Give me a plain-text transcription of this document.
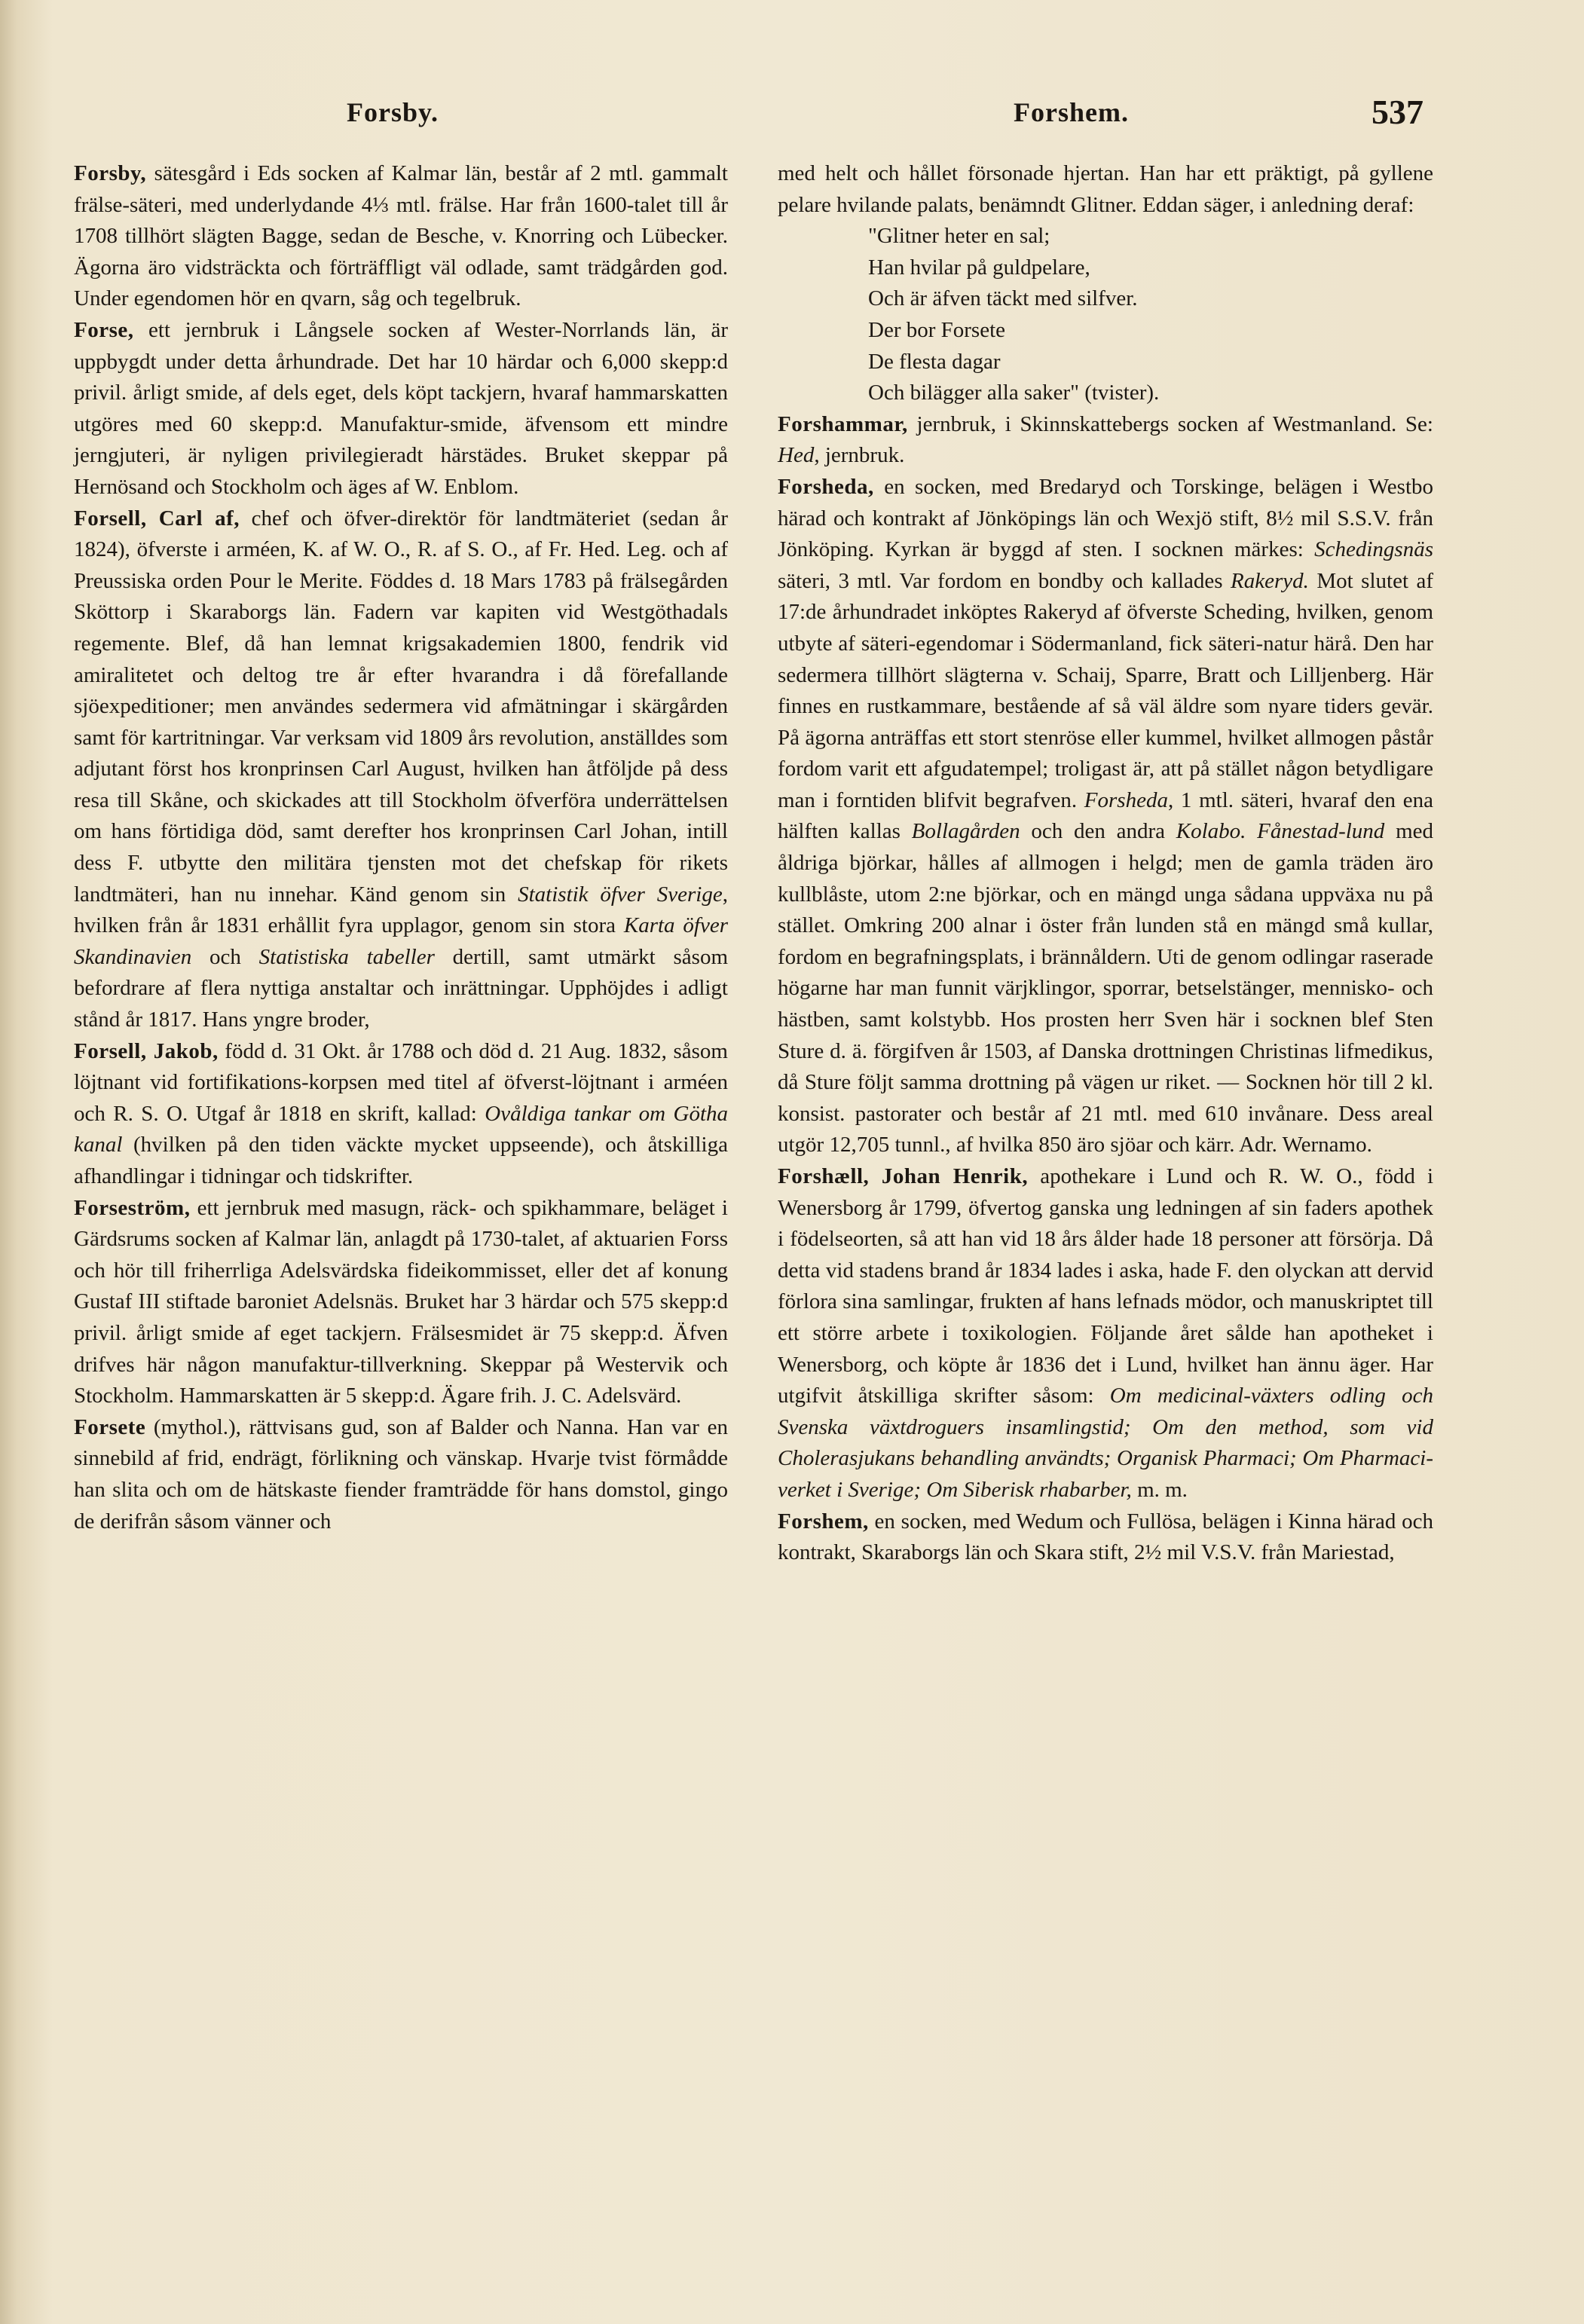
Forsby.	Forshem.	537

Forsby, sätesgård i Eds socken af Kalmar län, består af 2 mtl. gammalt frälse-säteri, med underlydande 4⅓ mtl. frälse. Har från 1600-talet till år 1708 tillhört slägten Bagge, sedan de Besche, v. Knorring och Lübecker. Ägorna äro vidsträckta och förträffligt väl odlade, samt trädgården god. Under egendomen hör en qvarn, såg och tegelbruk.

Forse, ett jernbruk i Långsele socken af Wester-Norrlands län, är uppbygdt under detta århundrade. Det har 10 härdar och 6,000 skepp:d privil. årligt smide, af dels eget, dels köpt tackjern, hvaraf hammarskatten utgöres med 60 skepp:d. Manufaktur-smide, äfvensom ett mindre jerngjuteri, är nyligen privilegieradt härstädes. Bruket skeppar på Hernösand och Stockholm och äges af W. Enblom.

Forsell, Carl af, chef och öfver-direktör för landtmäteriet (sedan år 1824), öfverste i arméen, K. af W. O., R. af S. O., af Fr. Hed. Leg. och af Preussiska orden Pour le Merite. Föddes d. 18 Mars 1783 på frälsegården Sköttorp i Skaraborgs län. Fadern var kapiten vid Westgöthadals regemente. Blef, då han lemnat krigsakademien 1800, fendrik vid amiralitetet och deltog tre år efter hvarandra i då förefallande sjöexpeditioner; men användes sedermera vid afmätningar i skärgården samt för kartritningar. Var verksam vid 1809 års revolution, anställdes som adjutant först hos kronprinsen Carl August, hvilken han åtföljde på dess resa till Skåne, och skickades att till Stockholm öfverföra underrättelsen om hans förtidiga död, samt derefter hos kronprinsen Carl Johan, intill dess F. utbytte den militära tjensten mot det chefskap för rikets landtmäteri, han nu innehar. Känd genom sin Statistik öfver Sverige, hvilken från år 1831 erhållit fyra upplagor, genom sin stora Karta öfver Skandinavien och Statistiska tabeller dertill, samt utmärkt såsom befordrare af flera nyttiga anstaltar och inrättningar. Upphöjdes i adligt stånd år 1817. Hans yngre broder,

Forsell, Jakob, född d. 31 Okt. år 1788 och död d. 21 Aug. 1832, såsom löjtnant vid fortifikations-korpsen med titel af öfverst-löjtnant i arméen och R. S. O. Utgaf år 1818 en skrift, kallad: Ovåldiga tankar om Götha kanal (hvilken på den tiden väckte mycket uppseende), och åtskilliga afhandlingar i tidningar och tidskrifter.

Forseström, ett jernbruk med masugn, räck- och spikhammare, beläget i Gärdsrums socken af Kalmar län, anlagdt på 1730-talet, af aktuarien Forss och hör till friherrliga Adelsvärdska fideikommisset, eller det af konung Gustaf III stiftade baroniet Adelsnäs. Bruket har 3 härdar och 575 skepp:d privil. årligt smide af eget tackjern. Frälsesmidet är 75 skepp:d. Äfven drifves här någon manufaktur-tillverkning. Skeppar på Westervik och Stockholm. Hammarskatten är 5 skepp:d. Ägare frih. J. C. Adelsvärd.

Forsete (mythol.), rättvisans gud, son af Balder och Nanna. Han var en sinnebild af frid, endrägt, förlikning och vänskap. Hvarje tvist förmådde han slita och om de hätskaste fiender framträdde för hans domstol, gingo de derifrån såsom vänner och

med helt och hållet försonade hjertan. Han har ett präktigt, på gyllene pelare hvilande palats, benämndt Glitner. Eddan säger, i anledning deraf:

"Glitner heter en sal;
Han hvilar på guldpelare,
Och är äfven täckt med silfver.
Der bor Forsete
De flesta dagar
Och bilägger alla saker" (tvister).

Forshammar, jernbruk, i Skinnskattebergs socken af Westmanland. Se: Hed, jernbruk.

Forsheda, en socken, med Bredaryd och Torskinge, belägen i Westbo härad och kontrakt af Jönköpings län och Wexjö stift, 8½ mil S.S.V. från Jönköping. Kyrkan är byggd af sten. I socknen märkes: Schedingsnäs säteri, 3 mtl. Var fordom en bondby och kallades Rakeryd. Mot slutet af 17:de århundradet inköptes Rakeryd af öfverste Scheding, hvilken, genom utbyte af säteri-egendomar i Södermanland, fick säteri-natur härå. Den har sedermera tillhört slägterna v. Schaij, Sparre, Bratt och Lilljenberg. Här finnes en rustkammare, bestående af så väl äldre som nyare tiders gevär. På ägorna anträffas ett stort stenröse eller kummel, hvilket allmogen påstår fordom varit ett afgudatempel; troligast är, att på stället någon betydligare man i forntiden blifvit begrafven. Forsheda, 1 mtl. säteri, hvaraf den ena hälften kallas Bollagården och den andra Kolabo. Fånestad-lund med åldriga björkar, hålles af allmogen i helgd; men de gamla träden äro kullblåste, utom 2:ne björkar, och en mängd unga sådana uppväxa nu på stället. Omkring 200 alnar i öster från lunden stå en mängd små kullar, fordom en begrafningsplats, i brännåldern. Uti de genom odlingar raserade högarne har man funnit värjklingor, sporrar, betselstänger, mennisko- och hästben, samt kolstybb. Hos prosten herr Sven här i socknen blef Sten Sture d. ä. förgifven år 1503, af Danska drottningen Christinas lifmedikus, då Sture följt samma drottning på vägen ur riket. — Socknen hör till 2 kl. konsist. pastorater och består af 21 mtl. med 610 invånare. Dess areal utgör 12,705 tunnl., af hvilka 850 äro sjöar och kärr. Adr. Wernamo.

Forshæll, Johan Henrik, apothekare i Lund och R. W. O., född i Wenersborg år 1799, öfvertog ganska ung ledningen af sin faders apothek i födelseorten, så att han vid 18 års ålder hade 18 personer att försörja. Då detta vid stadens brand år 1834 lades i aska, hade F. den olyckan att dervid förlora sina samlingar, frukten af hans lefnads mödor, och manuskriptet till ett större arbete i toxikologien. Följande året sålde han apotheket i Wenersborg, och köpte år 1836 det i Lund, hvilket han ännu äger. Har utgifvit åtskilliga skrifter såsom: Om medicinal-växters odling och Svenska växtdroguers insamlingstid; Om den method, som vid Cholerasjukans behandling användts; Organisk Pharmaci; Om Pharmaci-verket i Sverige; Om Siberisk rhabarber, m. m.

Forshem, en socken, med Wedum och Fullösa, belägen i Kinna härad och kontrakt, Skaraborgs län och Skara stift, 2½ mil V.S.V. från Mariestad,
